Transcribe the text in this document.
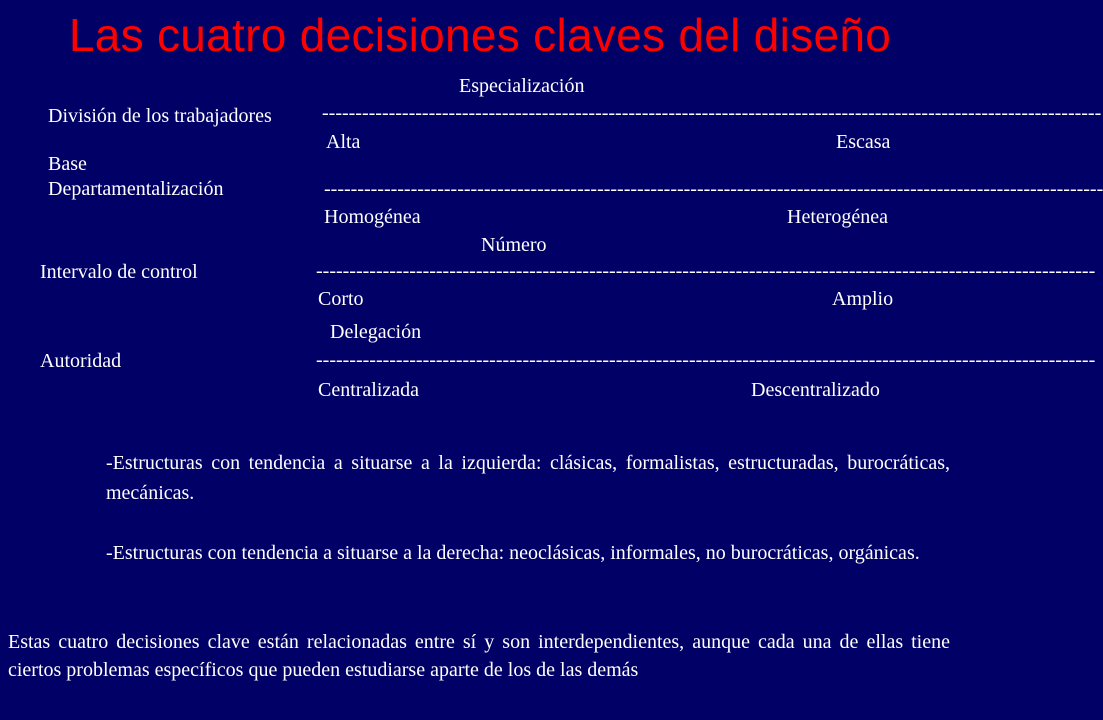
Las cuatro decisiones claves del diseño
Especialización
División de los trabajadores	---------------------------------------------------------------------------------------------------------------------
Alta	Escasa
Base
Departamentalización	---------------------------------------------------------------------------------------------------------------------
Homogénea	Heterogénea
Número
Intervalo de control	---------------------------------------------------------------------------------------------------------------------
Corto	Amplio
Delegación
Autoridad	---------------------------------------------------------------------------------------------------------------------
Centralizada	Descentralizado
-Estructuras con tendencia a situarse a la izquierda: clásicas, formalistas, estructuradas, burocráticas, mecánicas.
-Estructuras con tendencia a situarse a la derecha: neoclásicas, informales, no burocráticas, orgánicas.
Estas cuatro decisiones clave están relacionadas entre sí y son interdependientes, aunque cada una de ellas tiene ciertos problemas específicos que pueden estudiarse aparte de los de las demás
